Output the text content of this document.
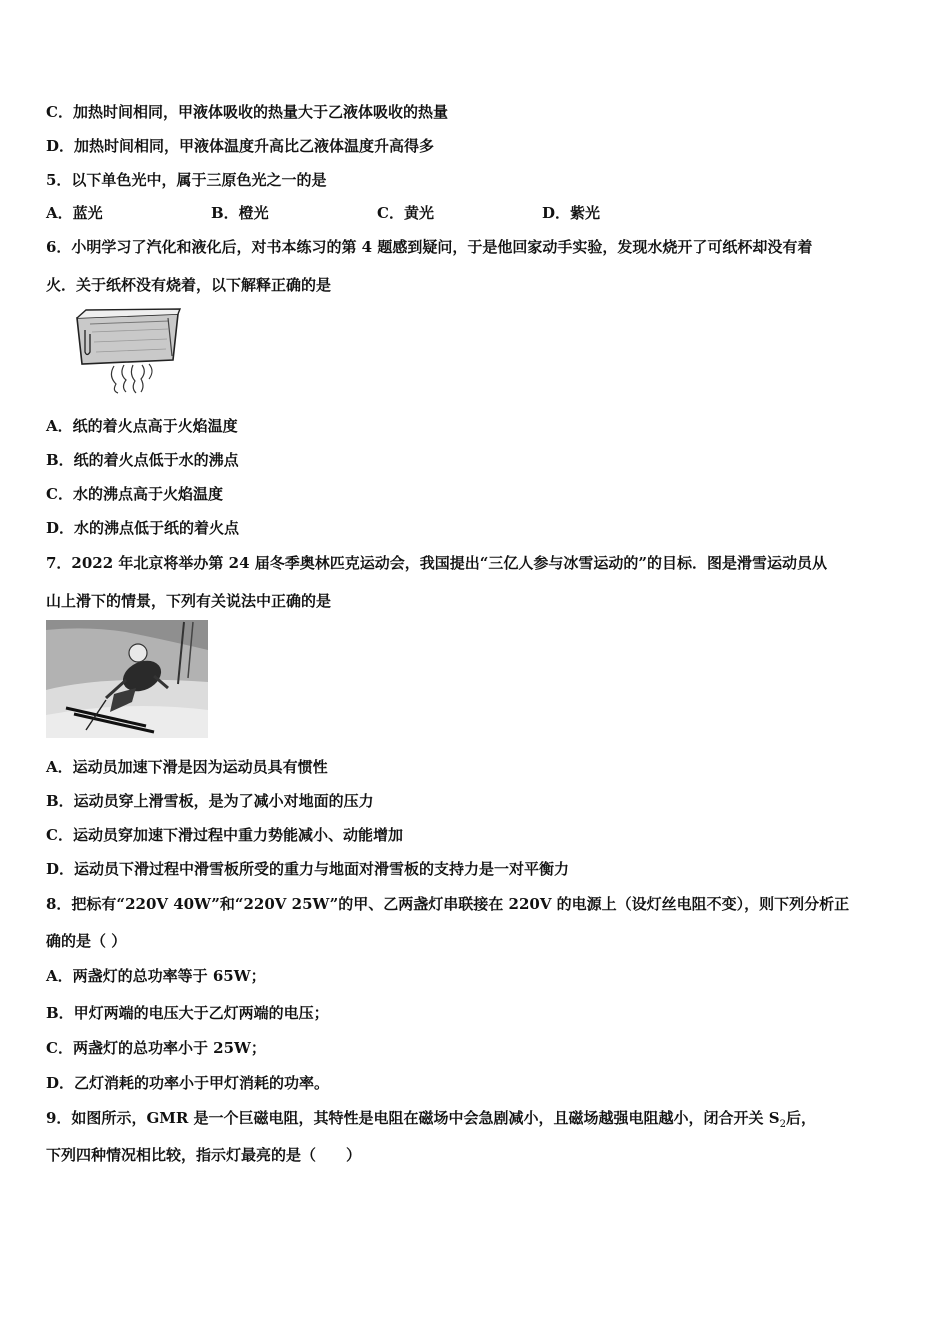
C．加热时间相同，甲液体吸收的热量大于乙液体吸收的热量
D．加热时间相同，甲液体温度升高比乙液体温度升高得多
5．以下单色光中，属于三原色光之一的是
A．蓝光	B．橙光	C．黄光	D．紫光
6．小明学习了汽化和液化后，对书本练习的第 4 题感到疑问，于是他回家动手实验，发现水烧开了可纸杯却没有着
火．关于纸杯没有烧着，以下解释正确的是
A．纸的着火点高于火焰温度
B．纸的着火点低于水的沸点
C．水的沸点高于火焰温度
D．水的沸点低于纸的着火点
7．2022 年北京将举办第 24 届冬季奥林匹克运动会，我国提出“三亿人参与冰雪运动的”的目标．图是滑雪运动员从
山上滑下的情景，下列有关说法中正确的是
A．运动员加速下滑是因为运动员具有惯性
B．运动员穿上滑雪板，是为了减小对地面的压力
C．运动员穿加速下滑过程中重力势能减小、动能增加
D．运动员下滑过程中滑雪板所受的重力与地面对滑雪板的支持力是一对平衡力
8．把标有“220V 40W”和“220V 25W”的甲、乙两盏灯串联接在 220V 的电源上（设灯丝电阻不变），则下列分析正
确的是（ ）
A．两盏灯的总功率等于 65W；
B．甲灯两端的电压大于乙灯两端的电压；
C．两盏灯的总功率小于 25W；
D．乙灯消耗的功率小于甲灯消耗的功率。
9．如图所示，GMR 是一个巨磁电阻，其特性是电阻在磁场中会急剧减小，且磁场越强电阻越小，闭合开关 $S_2$后，
下列四种情况相比较，指示灯最亮的是（　　）
